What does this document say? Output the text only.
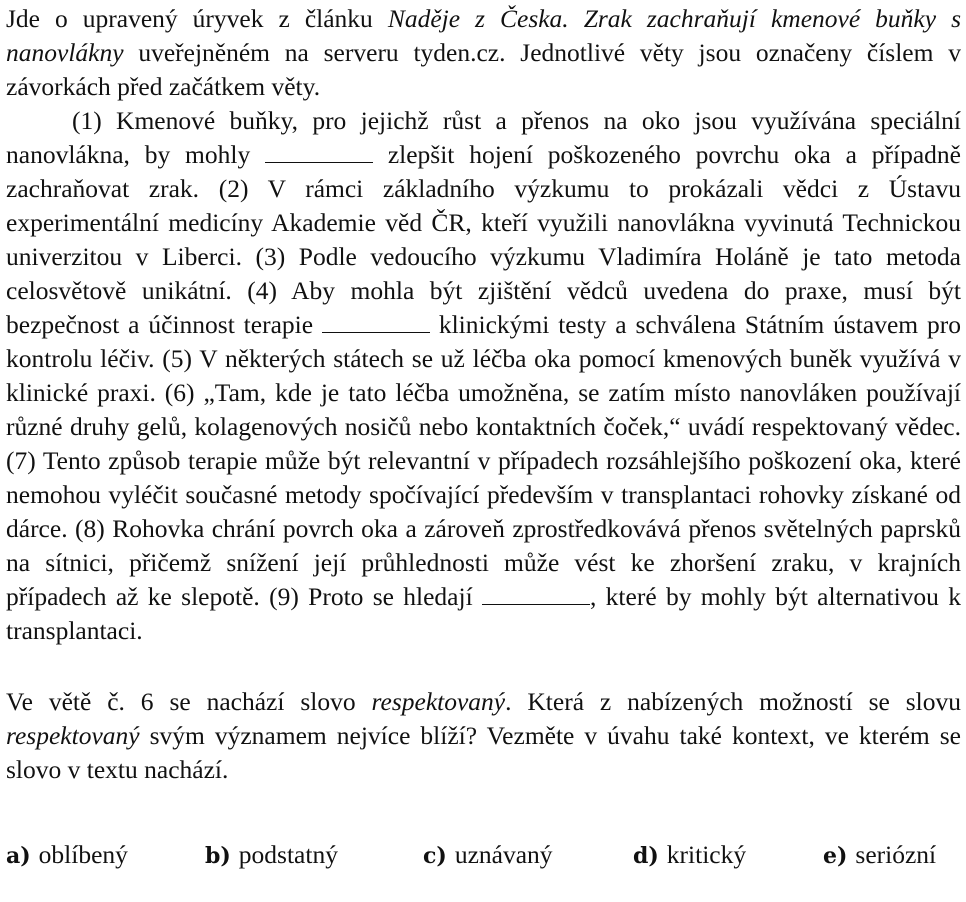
Jde o upravený úryvek z článku Naděje z Česka. Zrak zachraňují kmenové buňky s nanovlákny uveřejněném na serveru tyden.cz. Jednotlivé věty jsou označeny číslem v závorkách před začátkem věty.

(1) Kmenové buňky, pro jejichž růst a přenos na oko jsou využívána speciální nanovlákna, by mohly	zlepšit hojení poškozeného povrchu oka a případně zachraňovat zrak. (2) V rámci základního výzkumu to prokázali vědci z Ústavu experimentální medicíny Akademie věd ČR, kteří využili nanovlákna vyvinutá Technickou univerzitou v Liberci. (3) Podle vedoucího výzkumu Vladimíra Holáně je tato metoda celosvětově unikátní. (4) Aby mohla být zjištění vědců uvedena do praxe, musí být bezpečnost a účinnost terapie	klinickými testy a schválena Státním ústavem pro kontrolu léčiv. (5) V některých státech se už léčba oka pomocí kmenových buněk využívá v klinické praxi. (6) „Tam, kde je tato léčba umožněna, se zatím místo nanovláken používají různé druhy gelů, kolagenových nosičů nebo kontaktních čoček,“ uvádí respektovaný vědec. (7) Tento způsob terapie může být relevantní v případech rozsáhlejšího poškození oka, které nemohou vyléčit současné metody spočívající především v transplantaci rohovky získané od dárce. (8) Rohovka chrání povrch oka a zároveň zprostředkovává přenos světelných paprsků na sítnici, přičemž snížení její průhlednosti může vést ke zhoršení zraku, v krajních případech až ke slepotě. (9) Proto se hledají	, které by mohly být alternativou k transplantaci.

Ve větě č. 6 se nachází slovo respektovaný. Která z nabízených možností se slovu respektovaný svým významem nejvíce blíží? Vezměte v úvahu také kontext, ve kterém se slovo v textu nachází.

a) oblíbený	b) podstatný	c) uznávaný	d) kritický	e) seriózní
